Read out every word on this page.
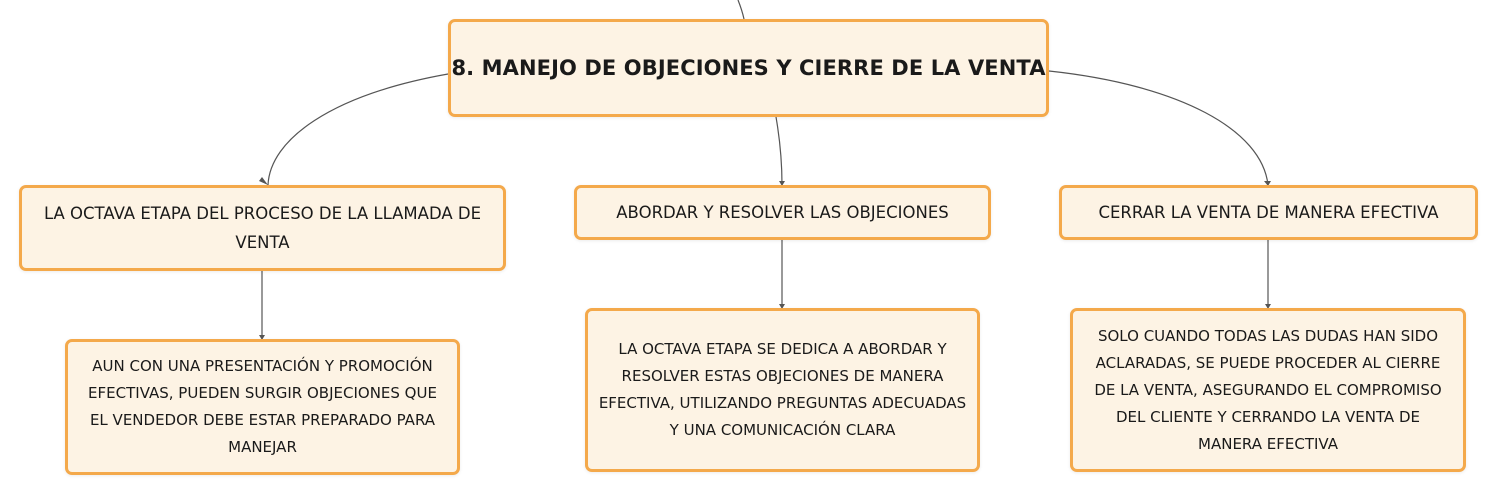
8. MANEJO DE OBJECIONES Y CIERRE DE LA VENTA
LA OCTAVA ETAPA DEL PROCESO DE LA LLAMADA DE VENTA
ABORDAR Y RESOLVER LAS OBJECIONES	CERRAR LA VENTA DE MANERA EFECTIVA
AUN CON UNA PRESENTACIÓN Y PROMOCIÓN EFECTIVAS, PUEDEN SURGIR OBJECIONES QUE EL VENDEDOR DEBE ESTAR PREPARADO PARA MANEJAR
LA OCTAVA ETAPA SE DEDICA A ABORDAR Y RESOLVER ESTAS OBJECIONES DE MANERA EFECTIVA, UTILIZANDO PREGUNTAS ADECUADAS Y UNA COMUNICACIÓN CLARA
SOLO CUANDO TODAS LAS DUDAS HAN SIDO ACLARADAS, SE PUEDE PROCEDER AL CIERRE DE LA VENTA, ASEGURANDO EL COMPROMISO DEL CLIENTE Y CERRANDO LA VENTA DE MANERA EFECTIVA
